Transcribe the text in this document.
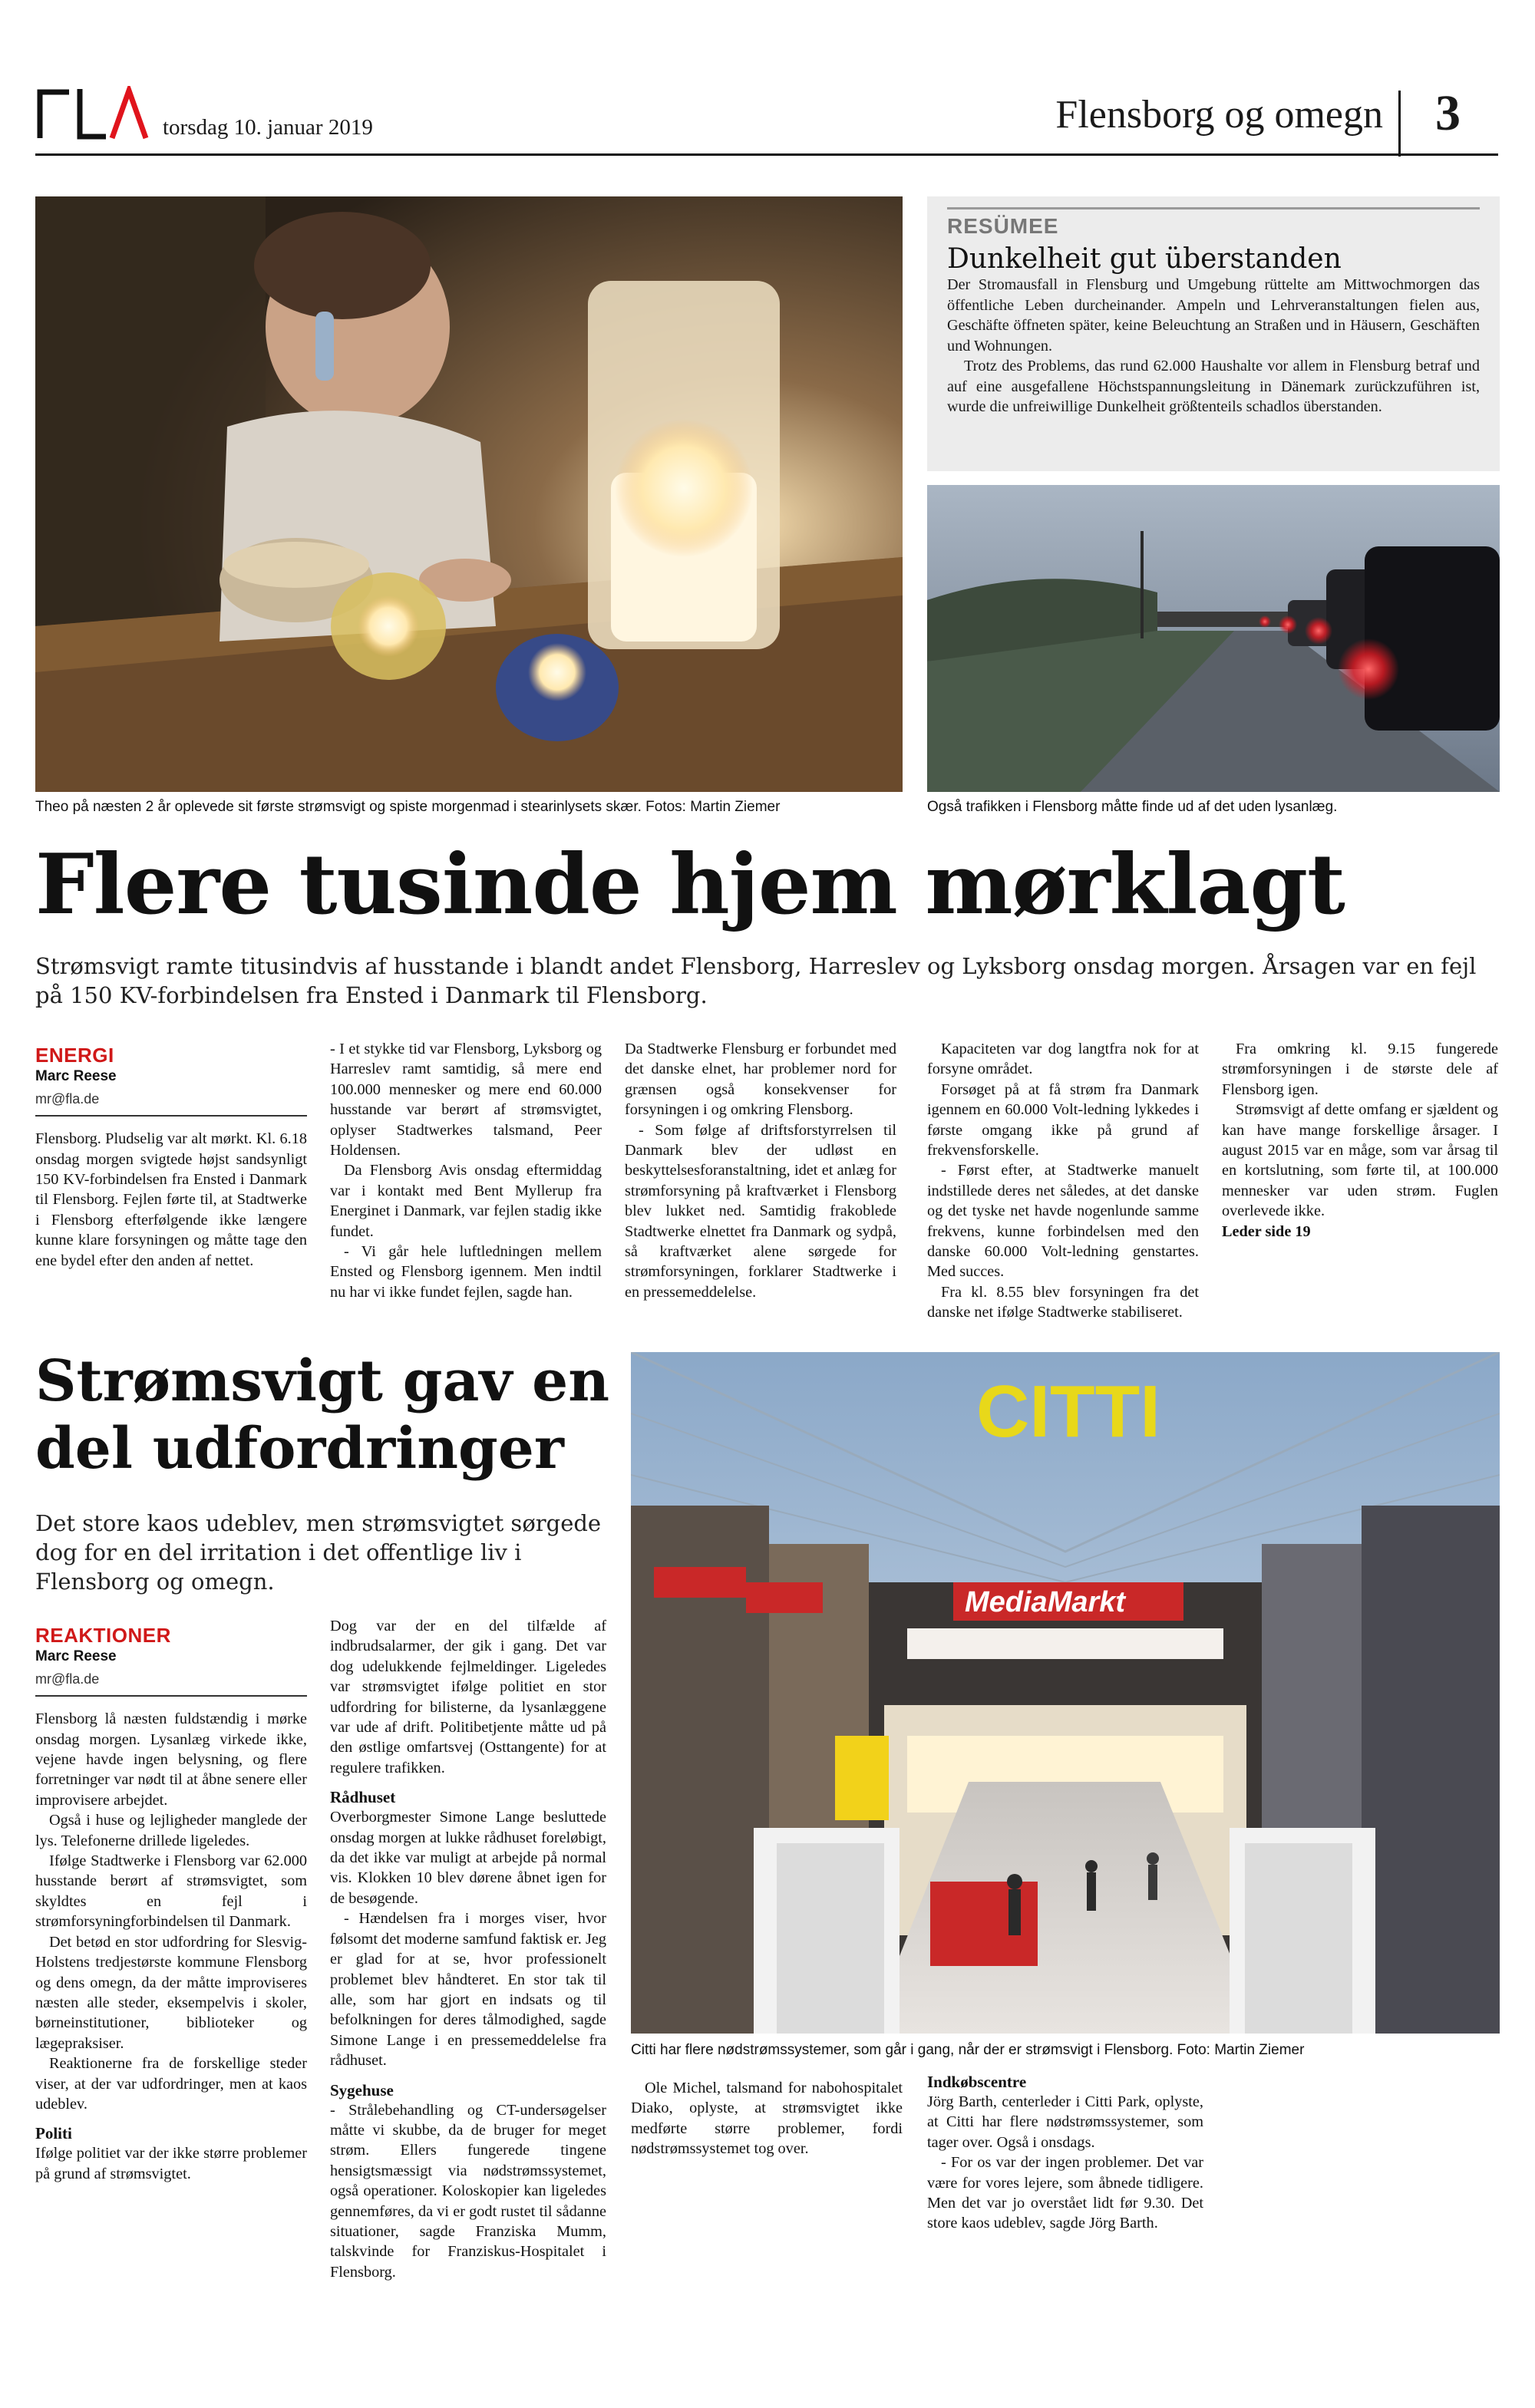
torsdag 10. januar 2019	Flensborg og omegn 3
Theo på næsten 2 år oplevede sit første strømsvigt og spiste morgenmad i stearinlysets skær. Fotos: Martin Ziemer
RESÜMEE
Dunkelheit gut überstanden

Der Stromausfall in Flensburg und Umgebung rüttelte am Mittwochmorgen das öffentliche Leben durcheinander. Ampeln und Lehrveranstaltungen fielen aus, Geschäfte öffneten später, keine Beleuchtung an Straßen und in Häusern, Geschäften und Wohnungen.

Trotz des Problems, das rund 62.000 Haushalte vor allem in Flensburg betraf und auf eine ausgefallene Höchstspannungsleitung in Dänemark zurückzuführen ist, wurde die unfreiwillige Dunkelheit größtenteils schadlos überstanden.

Også trafikken i Flensborg måtte finde ud af det uden lysanlæg.
Flere tusinde hjem mørklagt
Strømsvigt ramte titusindvis af husstande i blandt andet Flensborg, Harreslev og Lyksborg onsdag morgen. Årsagen var en fejl på 150 KV-forbindelsen fra Ensted i Danmark til Flensborg.
ENERGI
Marc Reese
mr@fla.de

Flensborg. Pludselig var alt mørkt. Kl. 6.18 onsdag morgen svigtede højst sandsynligt 150 KV-forbindelsen fra Ensted i Danmark til Flensborg. Fejlen førte til, at Stadtwerke i Flensborg efterfølgende ikke længere kunne klare forsyningen og måtte tage den ene bydel efter den anden af nettet.

- I et stykke tid var Flensborg, Lyksborg og Harreslev ramt samtidig, så mere end 100.000 mennesker og mere end 60.000 husstande var berørt af strømsvigtet, oplyser Stadtwerkes talsmand, Peer Holdensen.

Da Flensborg Avis onsdag eftermiddag var i kontakt med Bent Myllerup fra Energinet i Danmark, var fejlen stadig ikke fundet.

- Vi går hele luftledningen mellem Ensted og Flensborg igennem. Men indtil nu har vi ikke fundet fejlen, sagde han.

Da Stadtwerke Flensburg er forbundet med det danske elnet, har problemer nord for grænsen også konsekvenser for forsyningen i og omkring Flensborg.

- Som følge af driftsforstyrrelsen til Danmark blev der udløst en beskyttelsesforanstaltning, idet et anlæg for strømforsyning på kraftværket i Flensborg blev lukket ned. Samtidig frakoblede Stadtwerke elnettet fra Danmark og sydpå, så kraftværket alene sørgede for strømforsyningen, forklarer Stadtwerke i en pressemeddelelse.

Kapaciteten var dog langtfra nok for at forsyne området.

Forsøget på at få strøm fra Danmark igennem en 60.000 Volt-ledning lykkedes i første omgang ikke på grund af frekvensforskelle.

- Først efter, at Stadtwerke manuelt indstillede deres net således, at det danske og det tyske net havde nogenlunde samme frekvens, kunne forbindelsen med den danske 60.000 Volt-ledning genstartes. Med succes.

Fra kl. 8.55 blev forsyningen fra det danske net ifølge Stadtwerke stabiliseret.

Fra omkring kl. 9.15 fungerede strømforsyningen i de største dele af Flensborg igen.

Strømsvigt af dette omfang er sjældent og kan have mange forskellige årsager. I august 2015 var en måge, som var årsag til en kortslutning, som førte til, at 100.000 mennesker var uden strøm. Fuglen overlevede ikke.

Leder side 19

Strømsvigt gav en del udfordringer
Det store kaos udeblev, men strømsvigtet sørgede dog for en del irritation i det offentlige liv i Flensborg og omegn.
CITTI
MediaMarkt
Citti har flere nødstrømssystemer, som går i gang, når der er strømsvigt i Flensborg. Foto: Martin Ziemer
REAKTIONER
Marc Reese
mr@fla.de

Flensborg lå næsten fuldstændig i mørke onsdag morgen. Lysanlæg virkede ikke, vejene havde ingen belysning, og flere forretninger var nødt til at åbne senere eller improvisere arbejdet.

Også i huse og lejligheder manglede der lys. Telefonerne drillede ligeledes.

Ifølge Stadtwerke i Flensborg var 62.000 husstande berørt af strømsvigtet, som skyldtes en fejl i strømforsyningforbindelsen til Danmark.

Det betød en stor udfordring for Slesvig-Holstens tredjestørste kommune Flensborg og dens omegn, da der måtte improviseres næsten alle steder, eksempelvis i skoler, børneinstitutioner, biblioteker og lægepraksiser.

Reaktionerne fra de forskellige steder viser, at der var udfordringer, men at kaos udeblev.

Politi

Ifølge politiet var der ikke større problemer på grund af strømsvigtet.

Dog var der en del tilfælde af indbrudsalarmer, der gik i gang. Det var dog udelukkende fejlmeldinger. Ligeledes var strømsvigtet ifølge politiet en stor udfordring for bilisterne, da lysanlæggene var ude af drift. Politibetjente måtte ud på den østlige omfartsvej (Osttangente) for at regulere trafikken.

Rådhuset

Overborgmester Simone Lange besluttede onsdag morgen at lukke rådhuset foreløbigt, da det ikke var muligt at arbejde på normal vis. Klokken 10 blev dørene åbnet igen for de besøgende.

- Hændelsen fra i morges viser, hvor følsomt det moderne samfund faktisk er. Jeg er glad for at se, hvor professionelt problemet blev håndteret. En stor tak til alle, som har gjort en indsats og til befolkningen for deres tålmodighed, sagde Simone Lange i en pressemeddelelse fra rådhuset.

Sygehuse

- Strålebehandling og CT-undersøgelser måtte vi skubbe, da de bruger for meget strøm. Ellers fungerede tingene hensigtsmæssigt via nødstrømssystemet, også operationer. Koloskopier kan ligeledes gennemføres, da vi er godt rustet til sådanne situationer, sagde Franziska Mumm, talskvinde for Franziskus-Hospitalet i Flensborg.

Ole Michel, talsmand for nabohospitalet Diako, oplyste, at strømsvigtet ikke medførte større problemer, fordi nødstrømssystemet tog over.

Indkøbscentre

Jörg Barth, centerleder i Citti Park, oplyste, at Citti har flere nødstrømssystemer, som tager over. Også i onsdags.

- For os var der ingen problemer. Det var være for vores lejere, som åbnede tidligere. Men det var jo overstået lidt før 9.30. Det store kaos udeblev, sagde Jörg Barth.
